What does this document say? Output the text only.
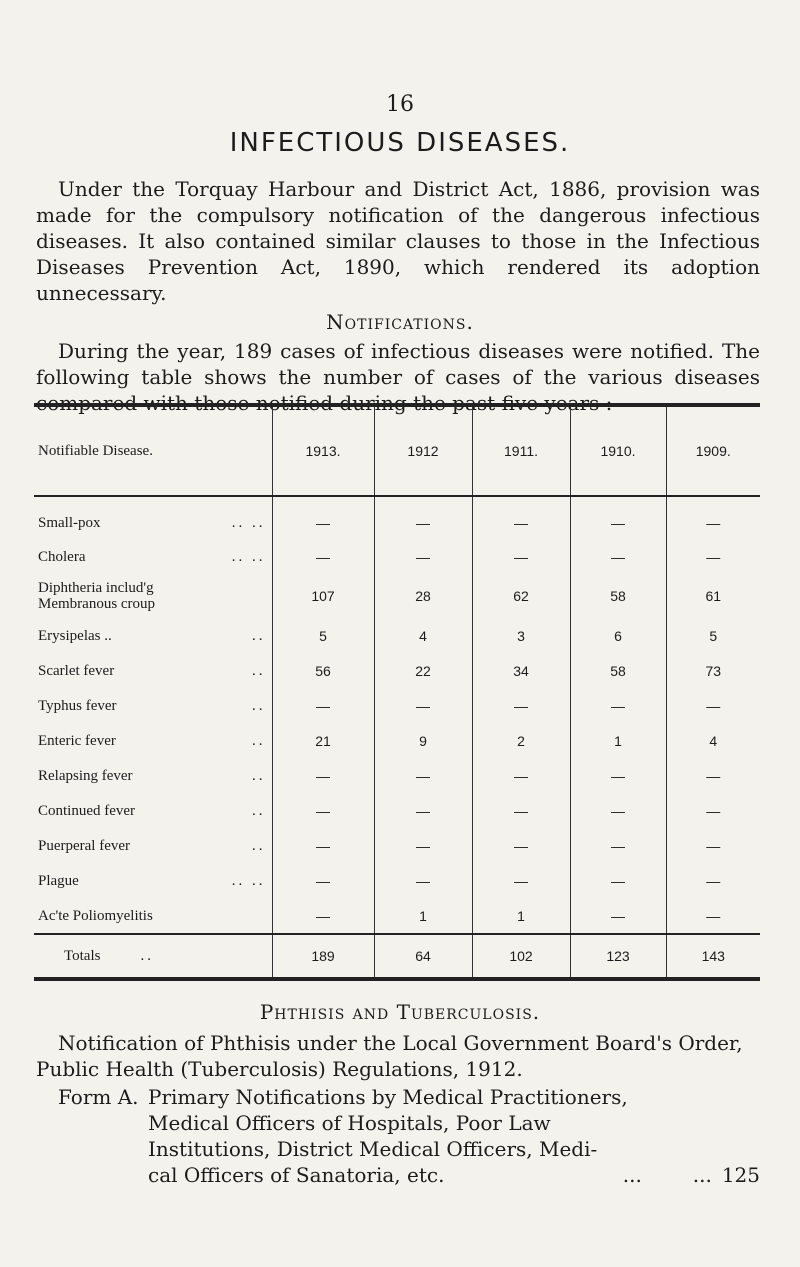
16
INFECTIOUS DISEASES.
Under the Torquay Harbour and District Act, 1886, provision was made for the compulsory notification of the dangerous infectious diseases. It also contained similar clauses to those in the Infectious Diseases Prevention Act, 1890, which rendered its adoption unnecessary.
Notifications.
During the year, 189 cases of infectious diseases were notified. The following table shows the number of cases of the various diseases compared with those notified during the past five years :—
Notifiable Disease.	1913.	1912	1911.	1910.	1909.

Small-pox .. ..	—	—	—	—	—

Cholera .. ..	—	—	—	—	—

Diphtheria includ'g
Membranous croup	107	28	62	58	61

Erysipelas .. ..	5	4	3	6	5

Scarlet fever ..	56	22	34	58	73

Typhus fever ..	—	—	—	—	—

Enteric fever ..	21	9	2	1	4

Relapsing fever ..	—	—	—	—	—

Continued fever ..	—	—	—	—	—

Puerperal fever ..	—	—	—	—	—

Plague .. ..	—	—	—	—	—

Ac'te Poliomyelitis	—	1	1	—	—
Totals ..	189	64	102	123	143
Phthisis and Tuberculosis.
Notification of Phthisis under the Local Government Board's Order, Public Health (Tuberculosis) Regulations, 1912.
Form A. Primary Notifications by Medical Practitioners,
Medical Officers of Hospitals, Poor Law
Institutions, District Medical Officers, Medi-
cal Officers of Sanatoria, etc.	...        ... 125
